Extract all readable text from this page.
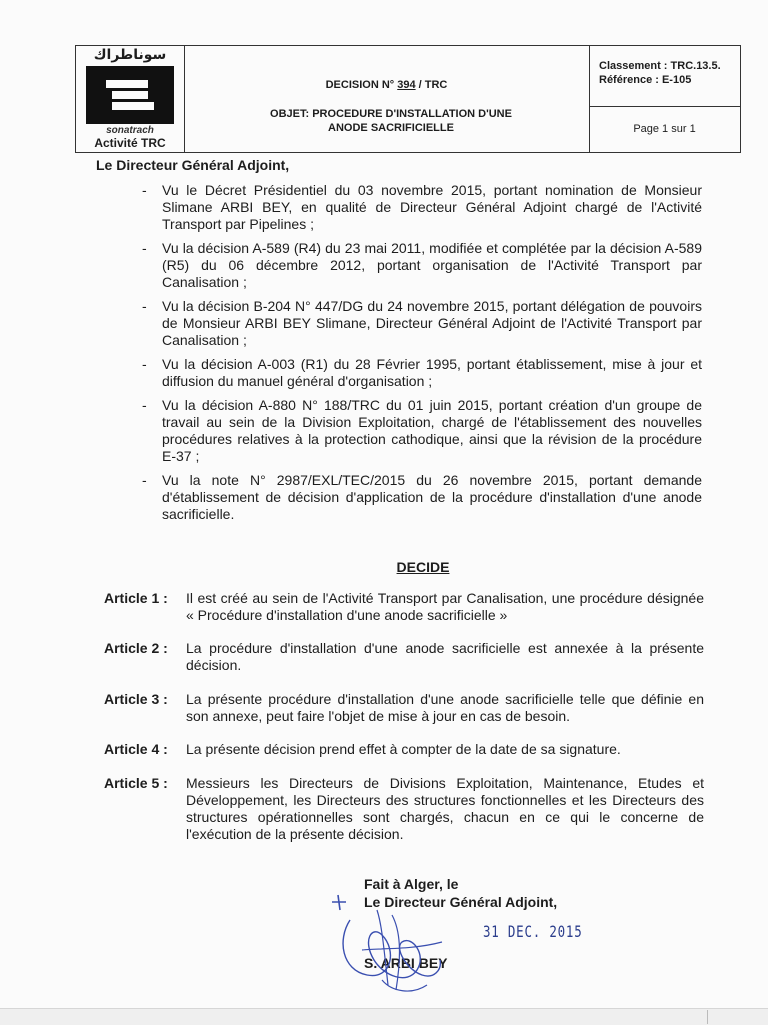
سوناطراك
sonatrach
Activité TRC
DECISION N° 394 / TRC
OBJET: PROCEDURE D'INSTALLATION D'UNE
ANODE SACRIFICIELLE
Classement : TRC.13.5.
Référence : E-105
Page 1 sur 1
Le Directeur Général Adjoint,
- Vu le Décret Présidentiel du 03 novembre 2015, portant nomination de Monsieur Slimane ARBI BEY, en qualité de Directeur Général Adjoint chargé de l'Activité Transport par Pipelines ;
- Vu la décision A-589 (R4) du 23 mai 2011, modifiée et complétée par la décision A-589 (R5) du 06 décembre 2012, portant organisation de l'Activité Transport par Canalisation ;
- Vu la décision B-204 N° 447/DG du 24 novembre 2015, portant délégation de pouvoirs de Monsieur ARBI BEY Slimane, Directeur Général Adjoint de l'Activité Transport par Canalisation ;
- Vu la décision A-003 (R1) du 28 Février 1995, portant établissement, mise à jour et diffusion du manuel général d'organisation ;
- Vu la décision A-880 N° 188/TRC du 01 juin 2015, portant création d'un groupe de travail au sein de la Division Exploitation, chargé de l'établissement des nouvelles procédures relatives à la protection cathodique, ainsi que la révision de la procédure E-37 ;
- Vu la note N° 2987/EXL/TEC/2015 du 26 novembre 2015, portant demande d'établissement de décision d'application de la procédure d'installation d'une anode sacrificielle.
DECIDE
Article 1 :	Il est créé au sein de l'Activité Transport par Canalisation, une procédure désignée « Procédure d'installation d'une anode sacrificielle »
Article 2 :	La procédure d'installation d'une anode sacrificielle est annexée à la présente décision.
Article 3 :	La présente procédure d'installation d'une anode sacrificielle telle que définie en son annexe, peut faire l'objet de mise à jour en cas de besoin.
Article 4 :	La présente décision prend effet à compter de la date de sa signature.
Article 5 :	Messieurs les Directeurs de Divisions Exploitation, Maintenance, Etudes et Développement, les Directeurs des structures fonctionnelles et les Directeurs des structures opérationnelles sont chargés, chacun en ce qui le concerne de l'exécution de la présente décision.
Fait à Alger, le
Le Directeur Général Adjoint,
31 DEC. 2015
S. ARBI BEY
